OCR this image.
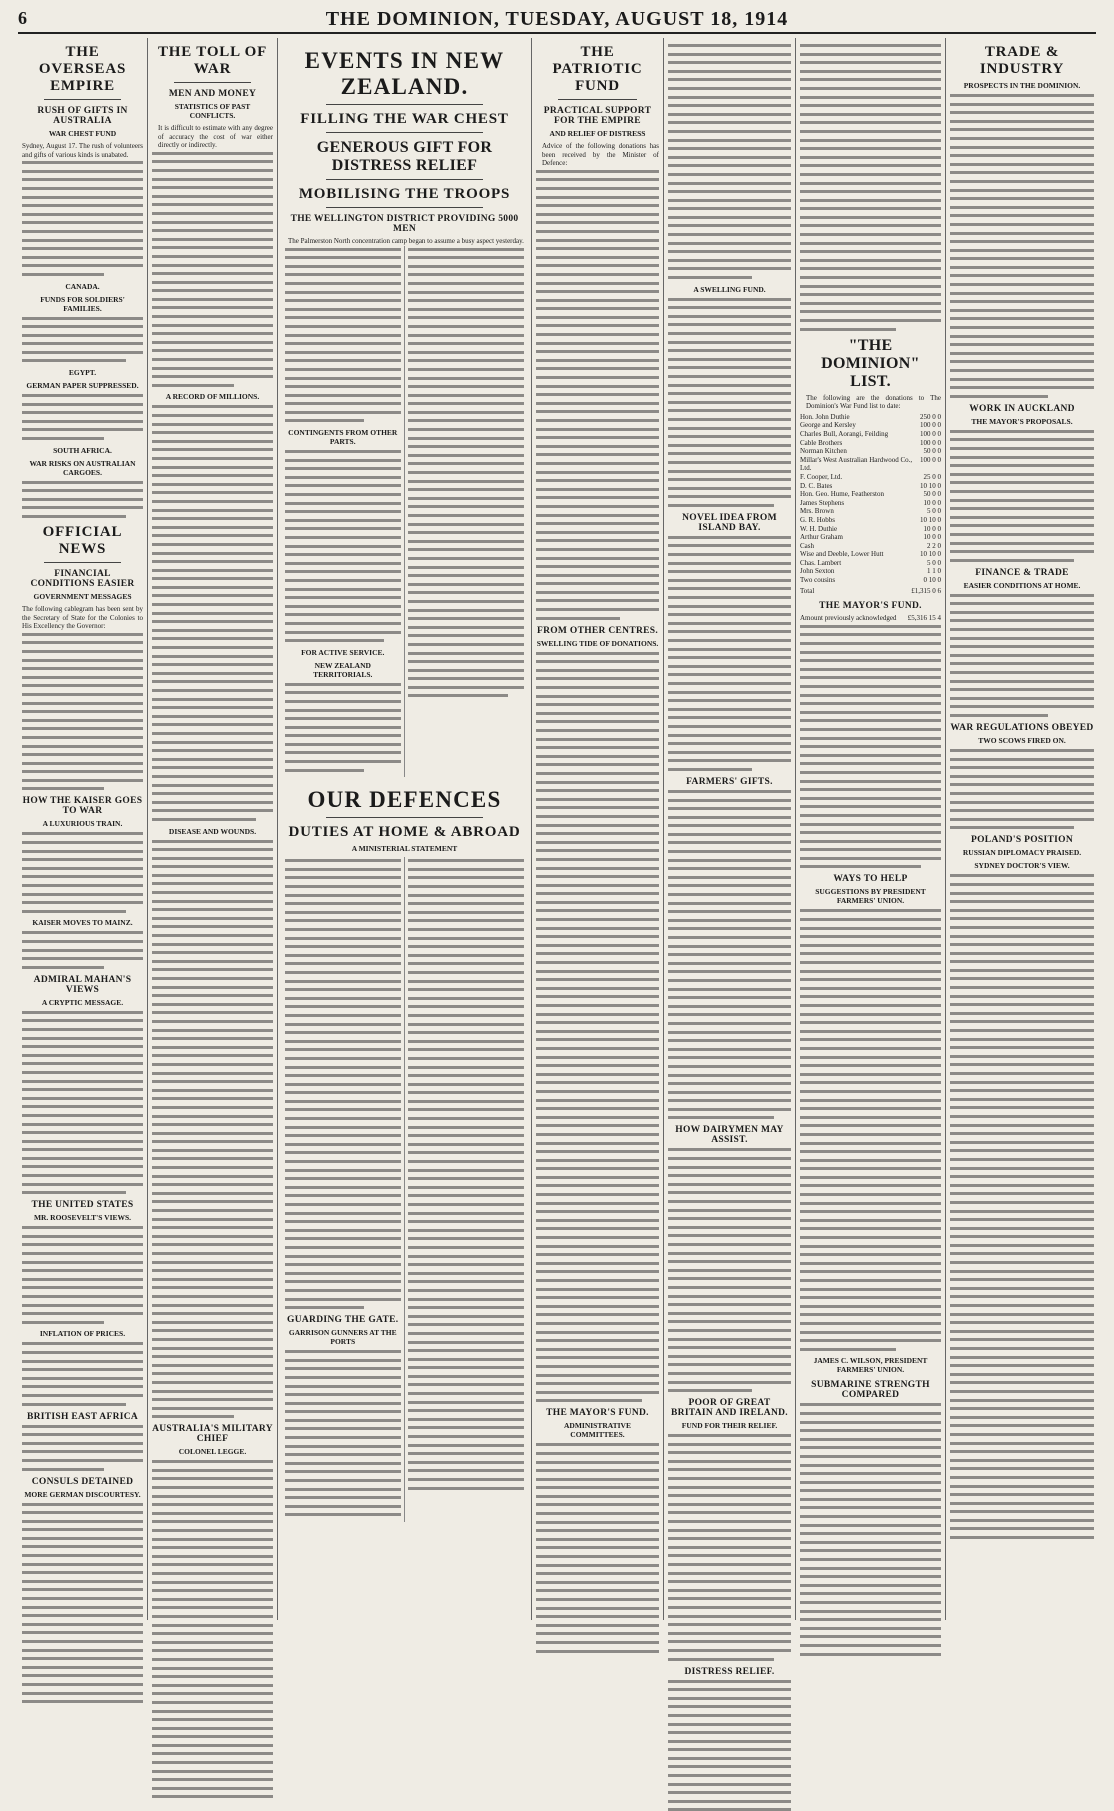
6	THE DOMINION, TUESDAY, AUGUST 18, 1914
THE OVERSEAS EMPIRE
RUSH OF GIFTS IN AUSTRALIA
WAR CHEST FUND

Sydney, August 17. The rush of volunteers and gifts of various kinds is unabated.

CANADA.
FUNDS FOR SOLDIERS' FAMILIES.
EGYPT.
GERMAN PAPER SUPPRESSED.
SOUTH AFRICA.
WAR RISKS ON AUSTRALIAN CARGOES.
OFFICIAL NEWS
FINANCIAL CONDITIONS EASIER
GOVERNMENT MESSAGES

The following cablegram has been sent by the Secretary of State for the Colonies to His Excellency the Governor:

HOW THE KAISER GOES TO WAR
A LUXURIOUS TRAIN.
KAISER MOVES TO MAINZ.
ADMIRAL MAHAN'S VIEWS
A CRYPTIC MESSAGE.
THE UNITED STATES
MR. ROOSEVELT'S VIEWS.
INFLATION OF PRICES.
BRITISH EAST AFRICA
CONSULS DETAINED
MORE GERMAN DISCOURTESY.
THE TOLL OF WAR
MEN AND MONEY
STATISTICS OF PAST CONFLICTS.

It is difficult to estimate with any degree of accuracy the cost of war either directly or indirectly.

A RECORD OF MILLIONS.
DISEASE AND WOUNDS.
AUSTRALIA'S MILITARY CHIEF
COLONEL LEGGE.
EVENTS IN NEW ZEALAND.
FILLING THE WAR CHEST
GENEROUS GIFT FOR DISTRESS RELIEF
MOBILISING THE TROOPS
THE WELLINGTON DISTRICT PROVIDING 5000 MEN

The Palmerston North concentration camp began to assume a busy aspect yesterday.

CONTINGENTS FROM OTHER PARTS.
FOR ACTIVE SERVICE.
NEW ZEALAND TERRITORIALS.
OUR DEFENCES
DUTIES AT HOME & ABROAD
A MINISTERIAL STATEMENT
GUARDING THE GATE.
GARRISON GUNNERS AT THE PORTS
THE PATRIOTIC FUND
PRACTICAL SUPPORT FOR THE EMPIRE
AND RELIEF OF DISTRESS

Advice of the following donations has been received by the Minister of Defence:

FROM OTHER CENTRES.
SWELLING TIDE OF DONATIONS.
THE MAYOR'S FUND.
ADMINISTRATIVE COMMITTEES.
A SWELLING FUND.
NOVEL IDEA FROM ISLAND BAY.
FARMERS' GIFTS.
HOW DAIRYMEN MAY ASSIST.
POOR OF GREAT BRITAIN AND IRELAND.
FUND FOR THEIR RELIEF.
DISTRESS RELIEF.
"THE DOMINION" LIST.

The following are the donations to The Dominion's War Fund list to date:

Hon. John Duthie	250 0 0
George and Kersley	100 0 0
Charles Bull, Aorangi, Feilding	100 0 0
Cable Brothers	100 0 0
Norman Kitchen	50 0 0
Millar's West Australian Hardwood Co., Ltd.
100 0 0
F. Cooper, Ltd.	25 0 0
D. C. Bates	10 10 0
Hon. Geo. Hume, Featherston	50 0 0
James Stephens	10 0 0
Mrs. Brown	5 0 0
G. R. Hobbs	10 10 0
W. H. Duthie	10 0 0
Arthur Graham	10 0 0
Cash	2 2 0
Wise and Deeble, Lower Hutt	10 10 0
Chas. Lambert	5 0 0
John Sexton	1 1 0
Two cousins	0 10 0
Total	£1,315 0 6
THE MAYOR'S FUND.
Amount previously acknowledged £5,316 15 4
WAYS TO HELP
SUGGESTIONS BY PRESIDENT FARMERS' UNION.
JAMES C. WILSON, PRESIDENT FARMERS' UNION.
SUBMARINE STRENGTH COMPARED
TRADE & INDUSTRY
PROSPECTS IN THE DOMINION.
WORK IN AUCKLAND
THE MAYOR'S PROPOSALS.
FINANCE & TRADE
EASIER CONDITIONS AT HOME.
WAR REGULATIONS OBEYED
TWO SCOWS FIRED ON.
POLAND'S POSITION
RUSSIAN DIPLOMACY PRAISED.
SYDNEY DOCTOR'S VIEW.
